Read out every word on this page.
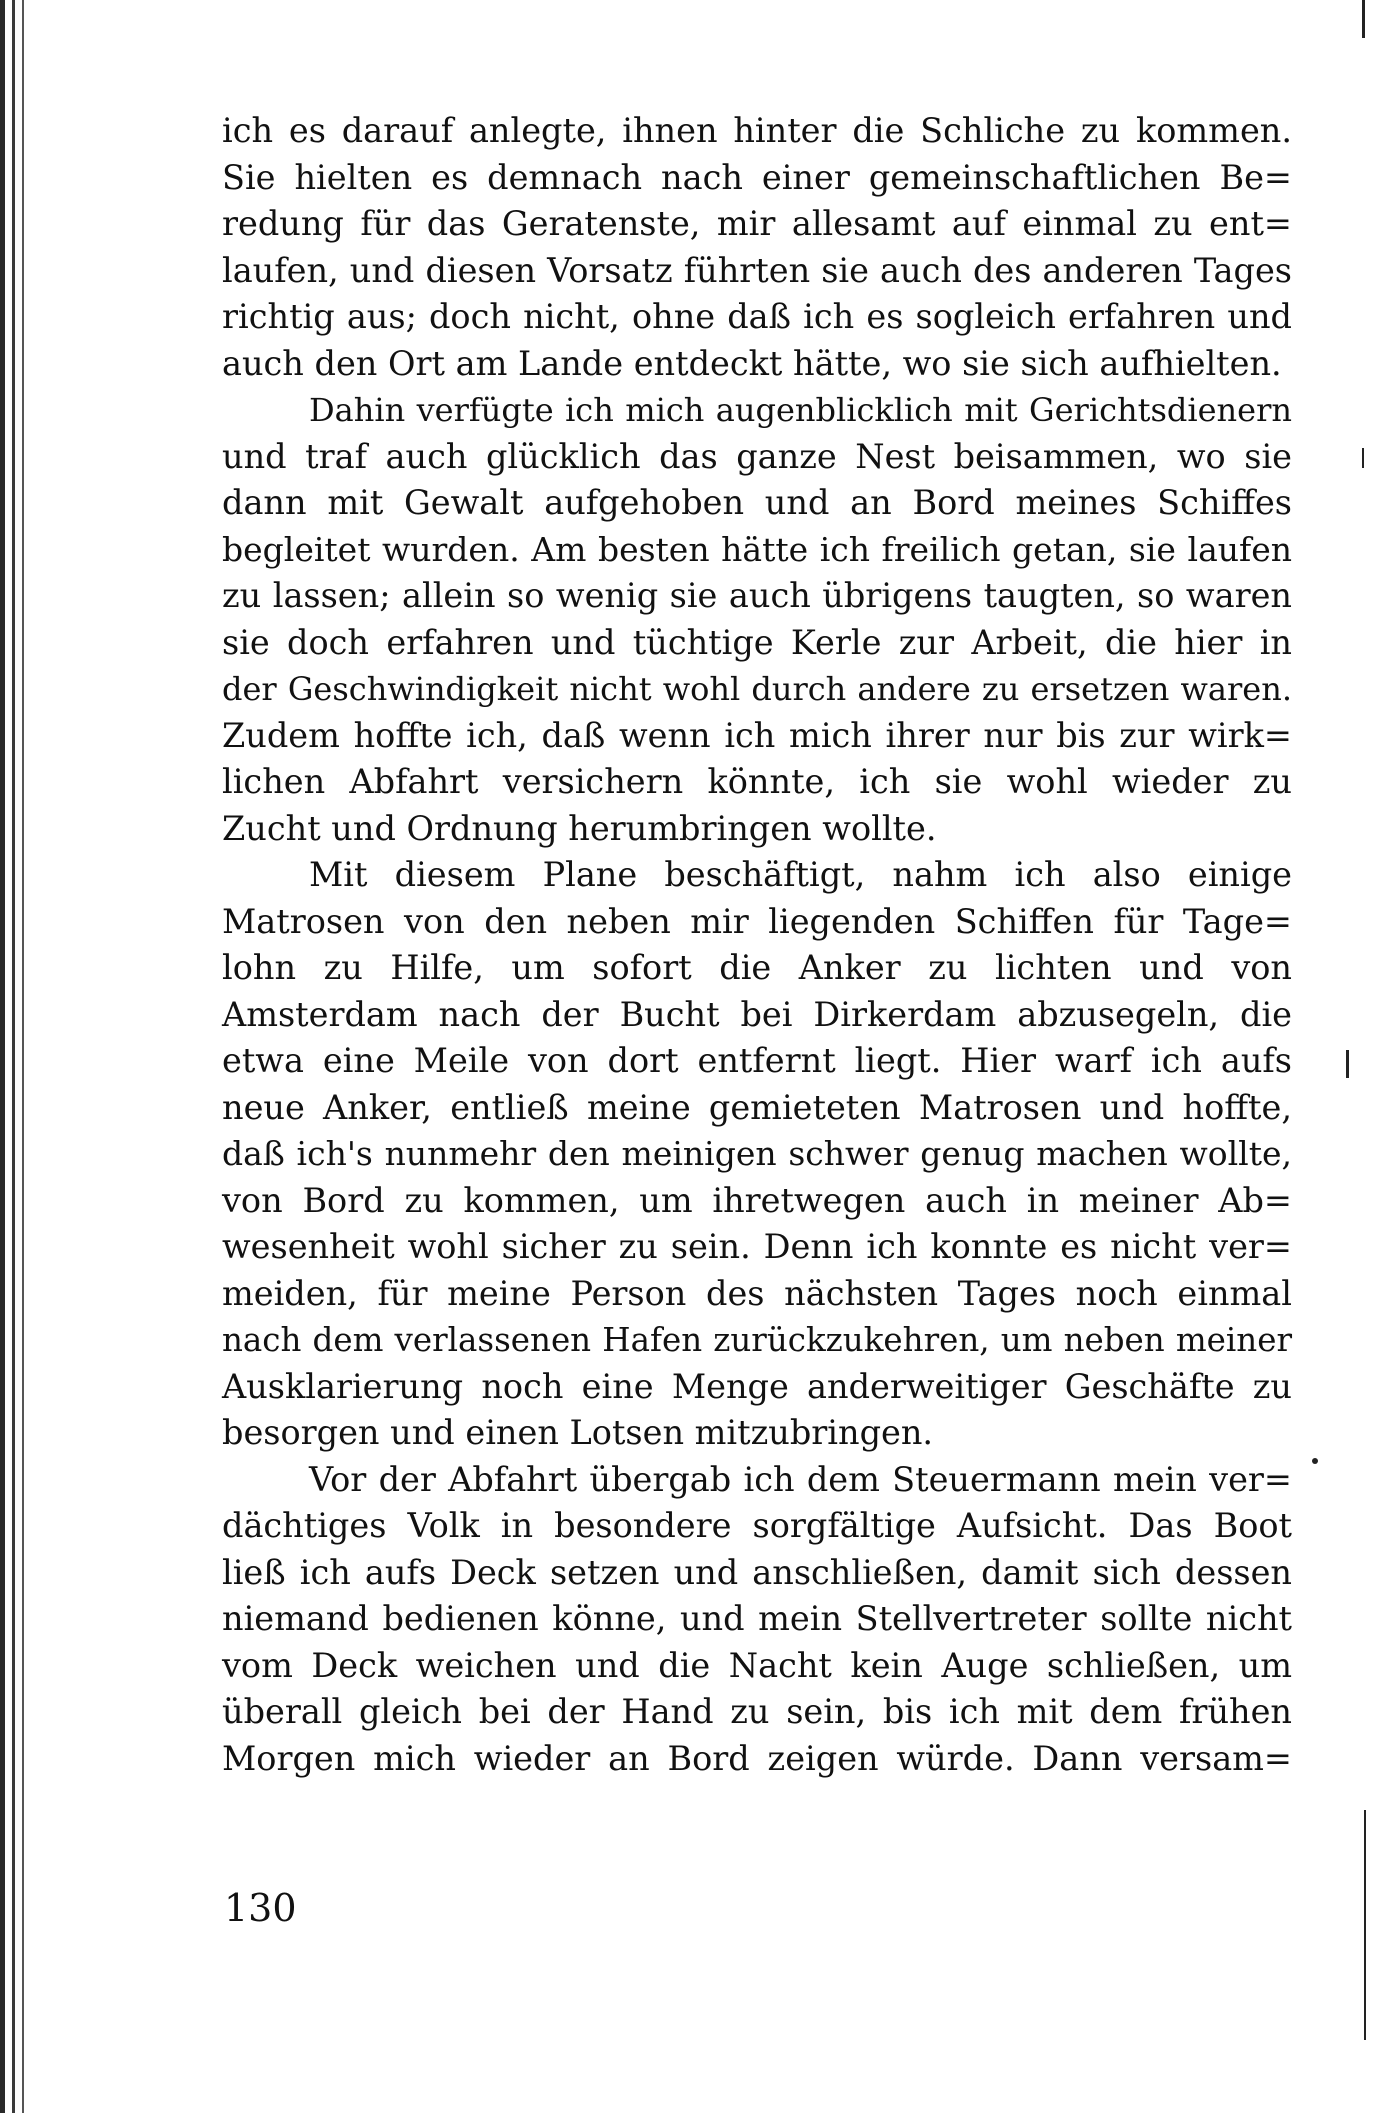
ich es darauf anlegte, ihnen hinter die Schliche zu kommen.
Sie hielten es demnach nach einer gemeinschaftlichen Be=
redung für das Geratenste, mir allesamt auf einmal zu ent=
laufen, und diesen Vorsatz führten sie auch des anderen Tages
richtig aus; doch nicht, ohne daß ich es sogleich erfahren und
auch den Ort am Lande entdeckt hätte, wo sie sich aufhielten.
Dahin verfügte ich mich augenblicklich mit Gerichtsdienern
und traf auch glücklich das ganze Nest beisammen, wo sie
dann mit Gewalt aufgehoben und an Bord meines Schiffes
begleitet wurden. Am besten hätte ich freilich getan, sie laufen
zu lassen; allein so wenig sie auch übrigens taugten, so waren
sie doch erfahren und tüchtige Kerle zur Arbeit, die hier in
der Geschwindigkeit nicht wohl durch andere zu ersetzen waren.
Zudem hoffte ich, daß wenn ich mich ihrer nur bis zur wirk=
lichen Abfahrt versichern könnte, ich sie wohl wieder zu
Zucht und Ordnung herumbringen wollte.
Mit diesem Plane beschäftigt, nahm ich also einige
Matrosen von den neben mir liegenden Schiffen für Tage=
lohn zu Hilfe, um sofort die Anker zu lichten und von
Amsterdam nach der Bucht bei Dirkerdam abzusegeln, die
etwa eine Meile von dort entfernt liegt. Hier warf ich aufs
neue Anker, entließ meine gemieteten Matrosen und hoffte,
daß ich's nunmehr den meinigen schwer genug machen wollte,
von Bord zu kommen, um ihretwegen auch in meiner Ab=
wesenheit wohl sicher zu sein. Denn ich konnte es nicht ver=
meiden, für meine Person des nächsten Tages noch einmal
nach dem verlassenen Hafen zurückzukehren, um neben meiner
Ausklarierung noch eine Menge anderweitiger Geschäfte zu
besorgen und einen Lotsen mitzubringen.
Vor der Abfahrt übergab ich dem Steuermann mein ver=
dächtiges Volk in besondere sorgfältige Aufsicht. Das Boot
ließ ich aufs Deck setzen und anschließen, damit sich dessen
niemand bedienen könne, und mein Stellvertreter sollte nicht
vom Deck weichen und die Nacht kein Auge schließen, um
überall gleich bei der Hand zu sein, bis ich mit dem frühen
Morgen mich wieder an Bord zeigen würde. Dann versam=
130
